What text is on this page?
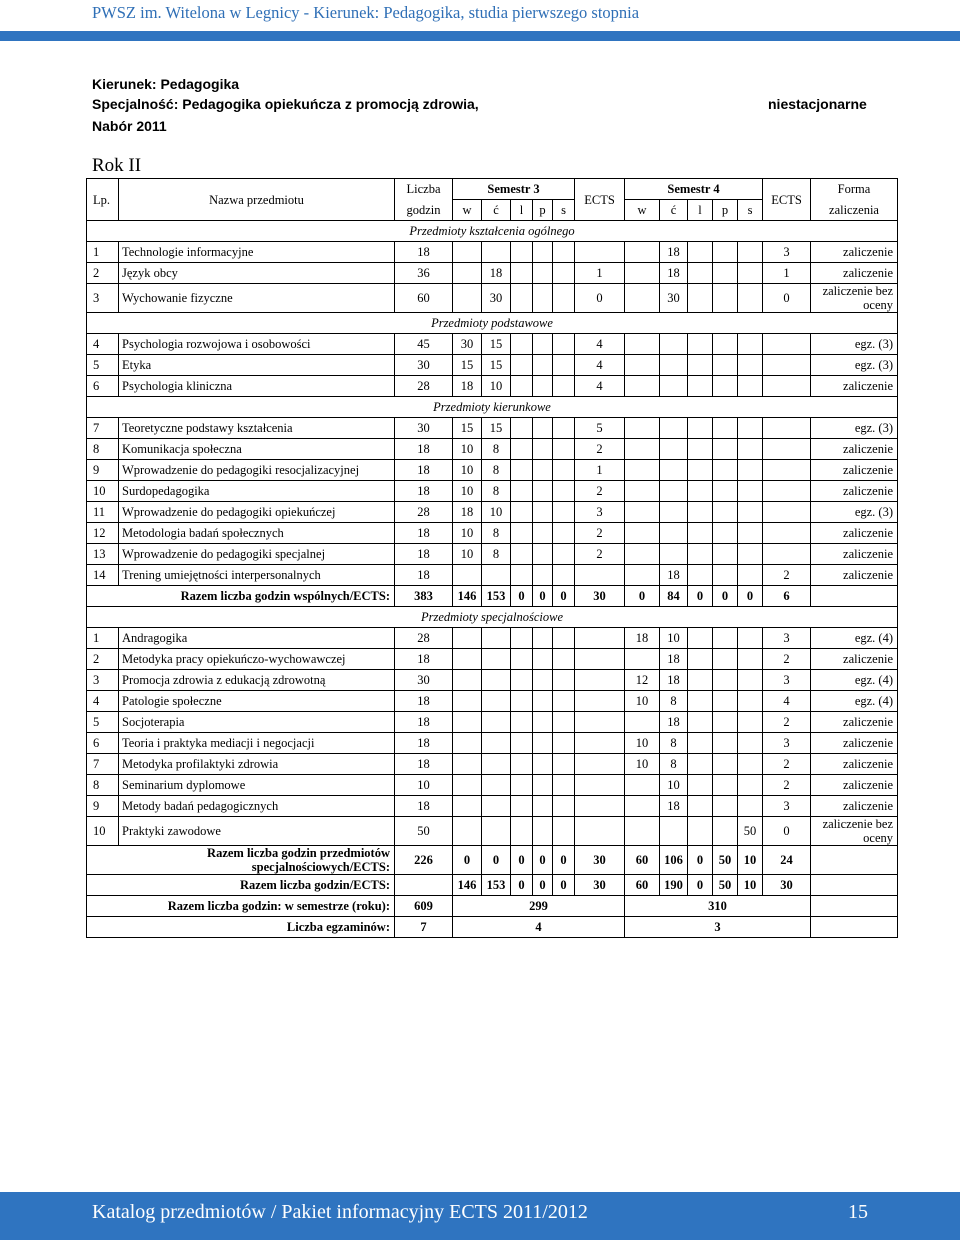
PWSZ im. Witelona w Legnicy - Kierunek: Pedagogika, studia pierwszego stopnia
Kierunek: Pedagogika
Specjalność: Pedagogika opiekuńcza z promocją zdrowia,	niestacjonarne
Nabór 2011
Rok II
Lp.	Nazwa przedmiotu	Liczba	Semestr 3					ECTS	Semestr 4					ECTS	Forma
		godzin	w	ć	l	p	s		w	ć	l	p	s		zaliczenia
Przedmioty kształcenia ogólnego															
1	Technologie informacyjne	18								18				3	zaliczenie
2	Język obcy	36		18				1		18				1	zaliczenie
3	Wychowanie fizyczne	60		30				0		30				0	zaliczenie bez oceny
Przedmioty podstawowe															
4	Psychologia rozwojowa i osobowości	45	30	15				4							egz. (3)
5	Etyka	30	15	15				4							egz. (3)
6	Psychologia kliniczna	28	18	10				4							zaliczenie
Przedmioty kierunkowe															
7	Teoretyczne podstawy kształcenia	30	15	15				5							egz. (3)
8	Komunikacja społeczna	18	10	8				2							zaliczenie
9	Wprowadzenie do pedagogiki resocjalizacyjnej	18	10	8				1							zaliczenie
10	Surdopedagogika	18	10	8				2							zaliczenie
11	Wprowadzenie do pedagogiki opiekuńczej	28	18	10				3							egz. (3)
12	Metodologia badań społecznych	18	10	8				2							zaliczenie
13	Wprowadzenie do pedagogiki specjalnej	18	10	8				2							zaliczenie
14	Trening umiejętności interpersonalnych	18								18				2	zaliczenie
Razem liczba godzin wspólnych/ECTS:		383	146	153	0	0	0	30	0	84	0	0	0	6	
Przedmioty specjalnościowe															
1	Andragogika	28							18	10				3	egz. (4)
2	Metodyka pracy opiekuńczo-wychowawczej	18								18				2	zaliczenie
3	Promocja zdrowia z edukacją zdrowotną	30							12	18				3	egz. (4)
4	Patologie społeczne	18							10	8				4	egz. (4)
5	Socjoterapia	18								18				2	zaliczenie
6	Teoria i praktyka mediacji i negocjacji	18							10	8				3	zaliczenie
7	Metodyka profilaktyki zdrowia	18							10	8				2	zaliczenie
8	Seminarium dyplomowe	10								10				2	zaliczenie
9	Metody badań pedagogicznych	18								18				3	zaliczenie
10	Praktyki zawodowe	50											50	0	zaliczenie bez oceny
Razem liczba godzin przedmiotów specjalnościowych/ECTS:		226	0	0	0	0	0	30	60	106	0	50	10	24	
Razem liczba godzin/ECTS:			146	153	0	0	0	30	60	190	0	50	10	30	
Razem liczba godzin: w semestrze (roku):		609	299						310						
Liczba egzaminów:		7	4						3						
Katalog przedmiotów / Pakiet informacyjny ECTS 2011/2012	15
